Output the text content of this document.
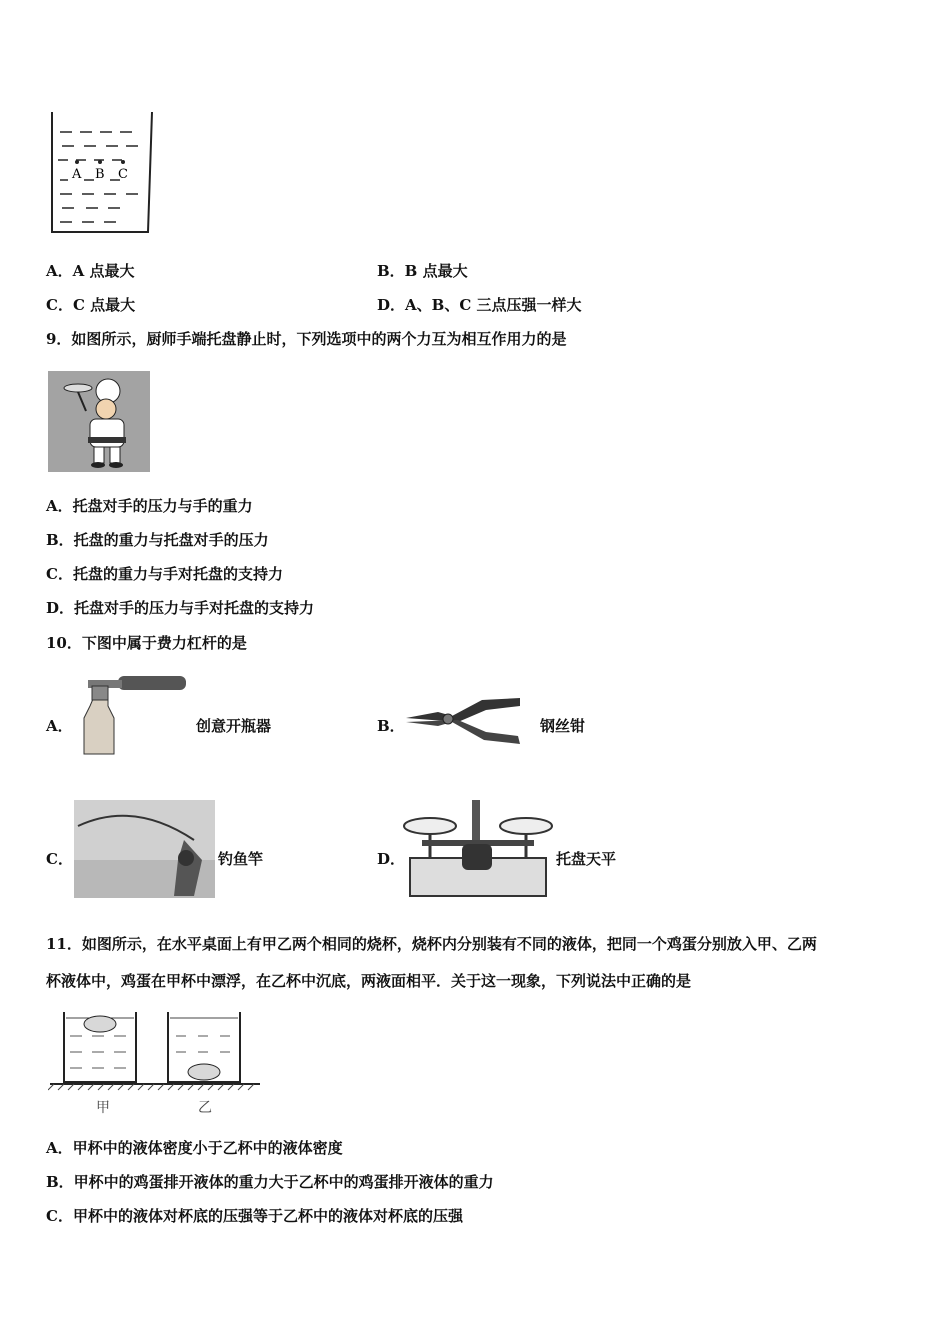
A B C
A．A 点最大	B．B 点最大
C．C 点最大	D．A、B、C 三点压强一样大
9．如图所示，厨师手端托盘静止时，下列选项中的两个力互为相互作用力的是
A．托盘对手的压力与手的重力
B．托盘的重力与托盘对手的压力
C．托盘的重力与手对托盘的支持力
D．托盘对手的压力与手对托盘的支持力
10．下图中属于费力杠杆的是
A．	创意开瓶器	B．	钢丝钳
C．	钓鱼竿	D．	托盘天平
11．如图所示，在水平桌面上有甲乙两个相同的烧杯，烧杯内分别装有不同的液体，把同一个鸡蛋分别放入甲、乙两
杯液体中，鸡蛋在甲杯中漂浮，在乙杯中沉底，两液面相平．关于这一现象，下列说法中正确的是
甲	乙
A．甲杯中的液体密度小于乙杯中的液体密度
B．甲杯中的鸡蛋排开液体的重力大于乙杯中的鸡蛋排开液体的重力
C．甲杯中的液体对杯底的压强等于乙杯中的液体对杯底的压强
